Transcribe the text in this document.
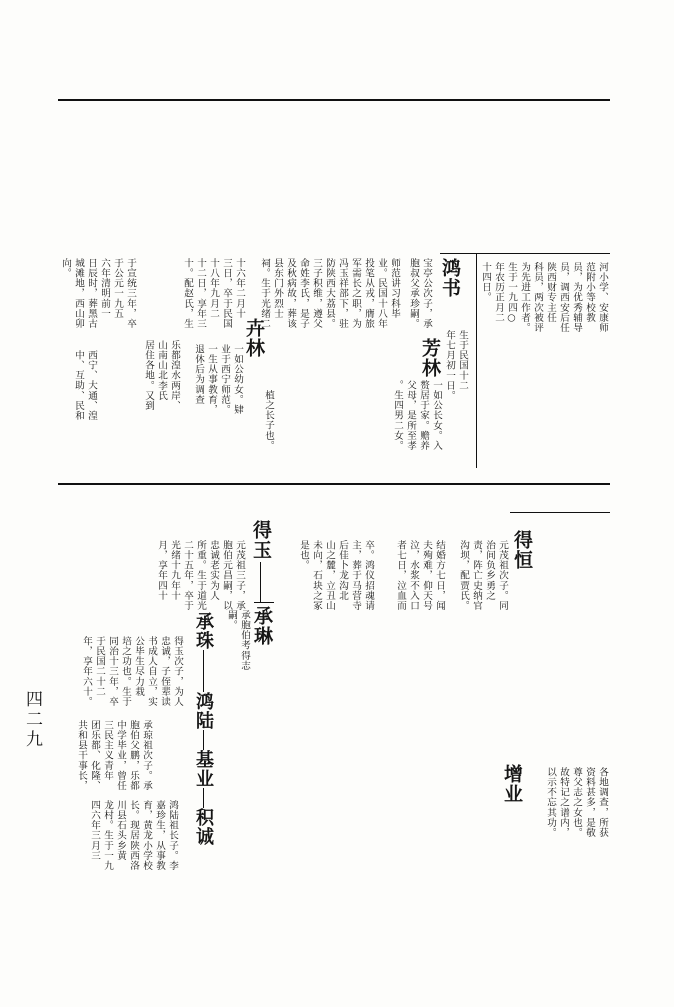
鸿书
芳林
卉林
河小学、安康师
范附小等校教
员，为优秀辅导
员，调西安后任
陕西财专主任
科员，两次被评
为先进工作者。
生于一九四○
年农历正月二
十四日。
生于民国十二
年七月初一日。
一如公长女。入
赘居于家。赡养
父母，是所至孝
。生四男二女。
宝亭公次子，承
胞叔父承珍嗣。
师范讲习科毕
业。民国十八年
投笔从戎，膺旅
军需长之职，为
冯玉祥部下，驻
防陕西大荔县。
三子积维，遵父
命姓李氏，是子
及秋病故，葬该
县东门外烈士
祠。生于光绪二
十六年二月十
三日，卒于民国
十八年九月二
十二日，享年三
十。配赵氏，生
于宣统三年，卒
于公元一九五
六年清明前一
日辰时，葬黑古
城滩地，西山卯
向。
植之长子也。
一如公幼女。肄
业于西宁师范。
一生从事教育，
退休后为调查
乐都湟水两岸、
山南山北李氏
居住各地。又到
西宁、大通、湟
中、互助、民和
得恒
得玉
承琳
增业
承珠
鸿陆
基业
积诚	各地调查，所获
资料甚多，是敬
尊父志之女也。
故特记之谱内，
以示不忘其功。
元茂祖次子。同
治间负乡勇之
责，阵亡史纳官
沟坝，配贾氏。
结婚方七日，闻
夫殉难，仰天号
泣，水浆不入口
者七日，泣血而
卒。鸿仪招魂请
主，葬于马营寺
后佳卜龙沟北
山之麓，立丑山
未向，石块之冢
是也。
承胞伯考得志
嗣。
元茂祖三子，承
胞伯元昌嗣，以
忠诚老实为人
所重。生于道光
二十五年，卒于
光绪十九年十
月，享年四十
得玉次子，为人
忠诚，子侄辈读
书成人自立，实
公毕生尽力栽
培之功也。生于
同治十三年，卒
于民国二十二
年，享年六十。
承琼祖次子。承
胞伯父鹏，乐都
中学毕业，曾任
三民主义青年
团乐都、化隆、
共和县干事长，
鸿陆祖长子。李
嘉珍生，从事教
育，黄龙小学校
长。现居陕西洛
川县石头乡黄
龙村。生于一九
四六年三月三
四二九
